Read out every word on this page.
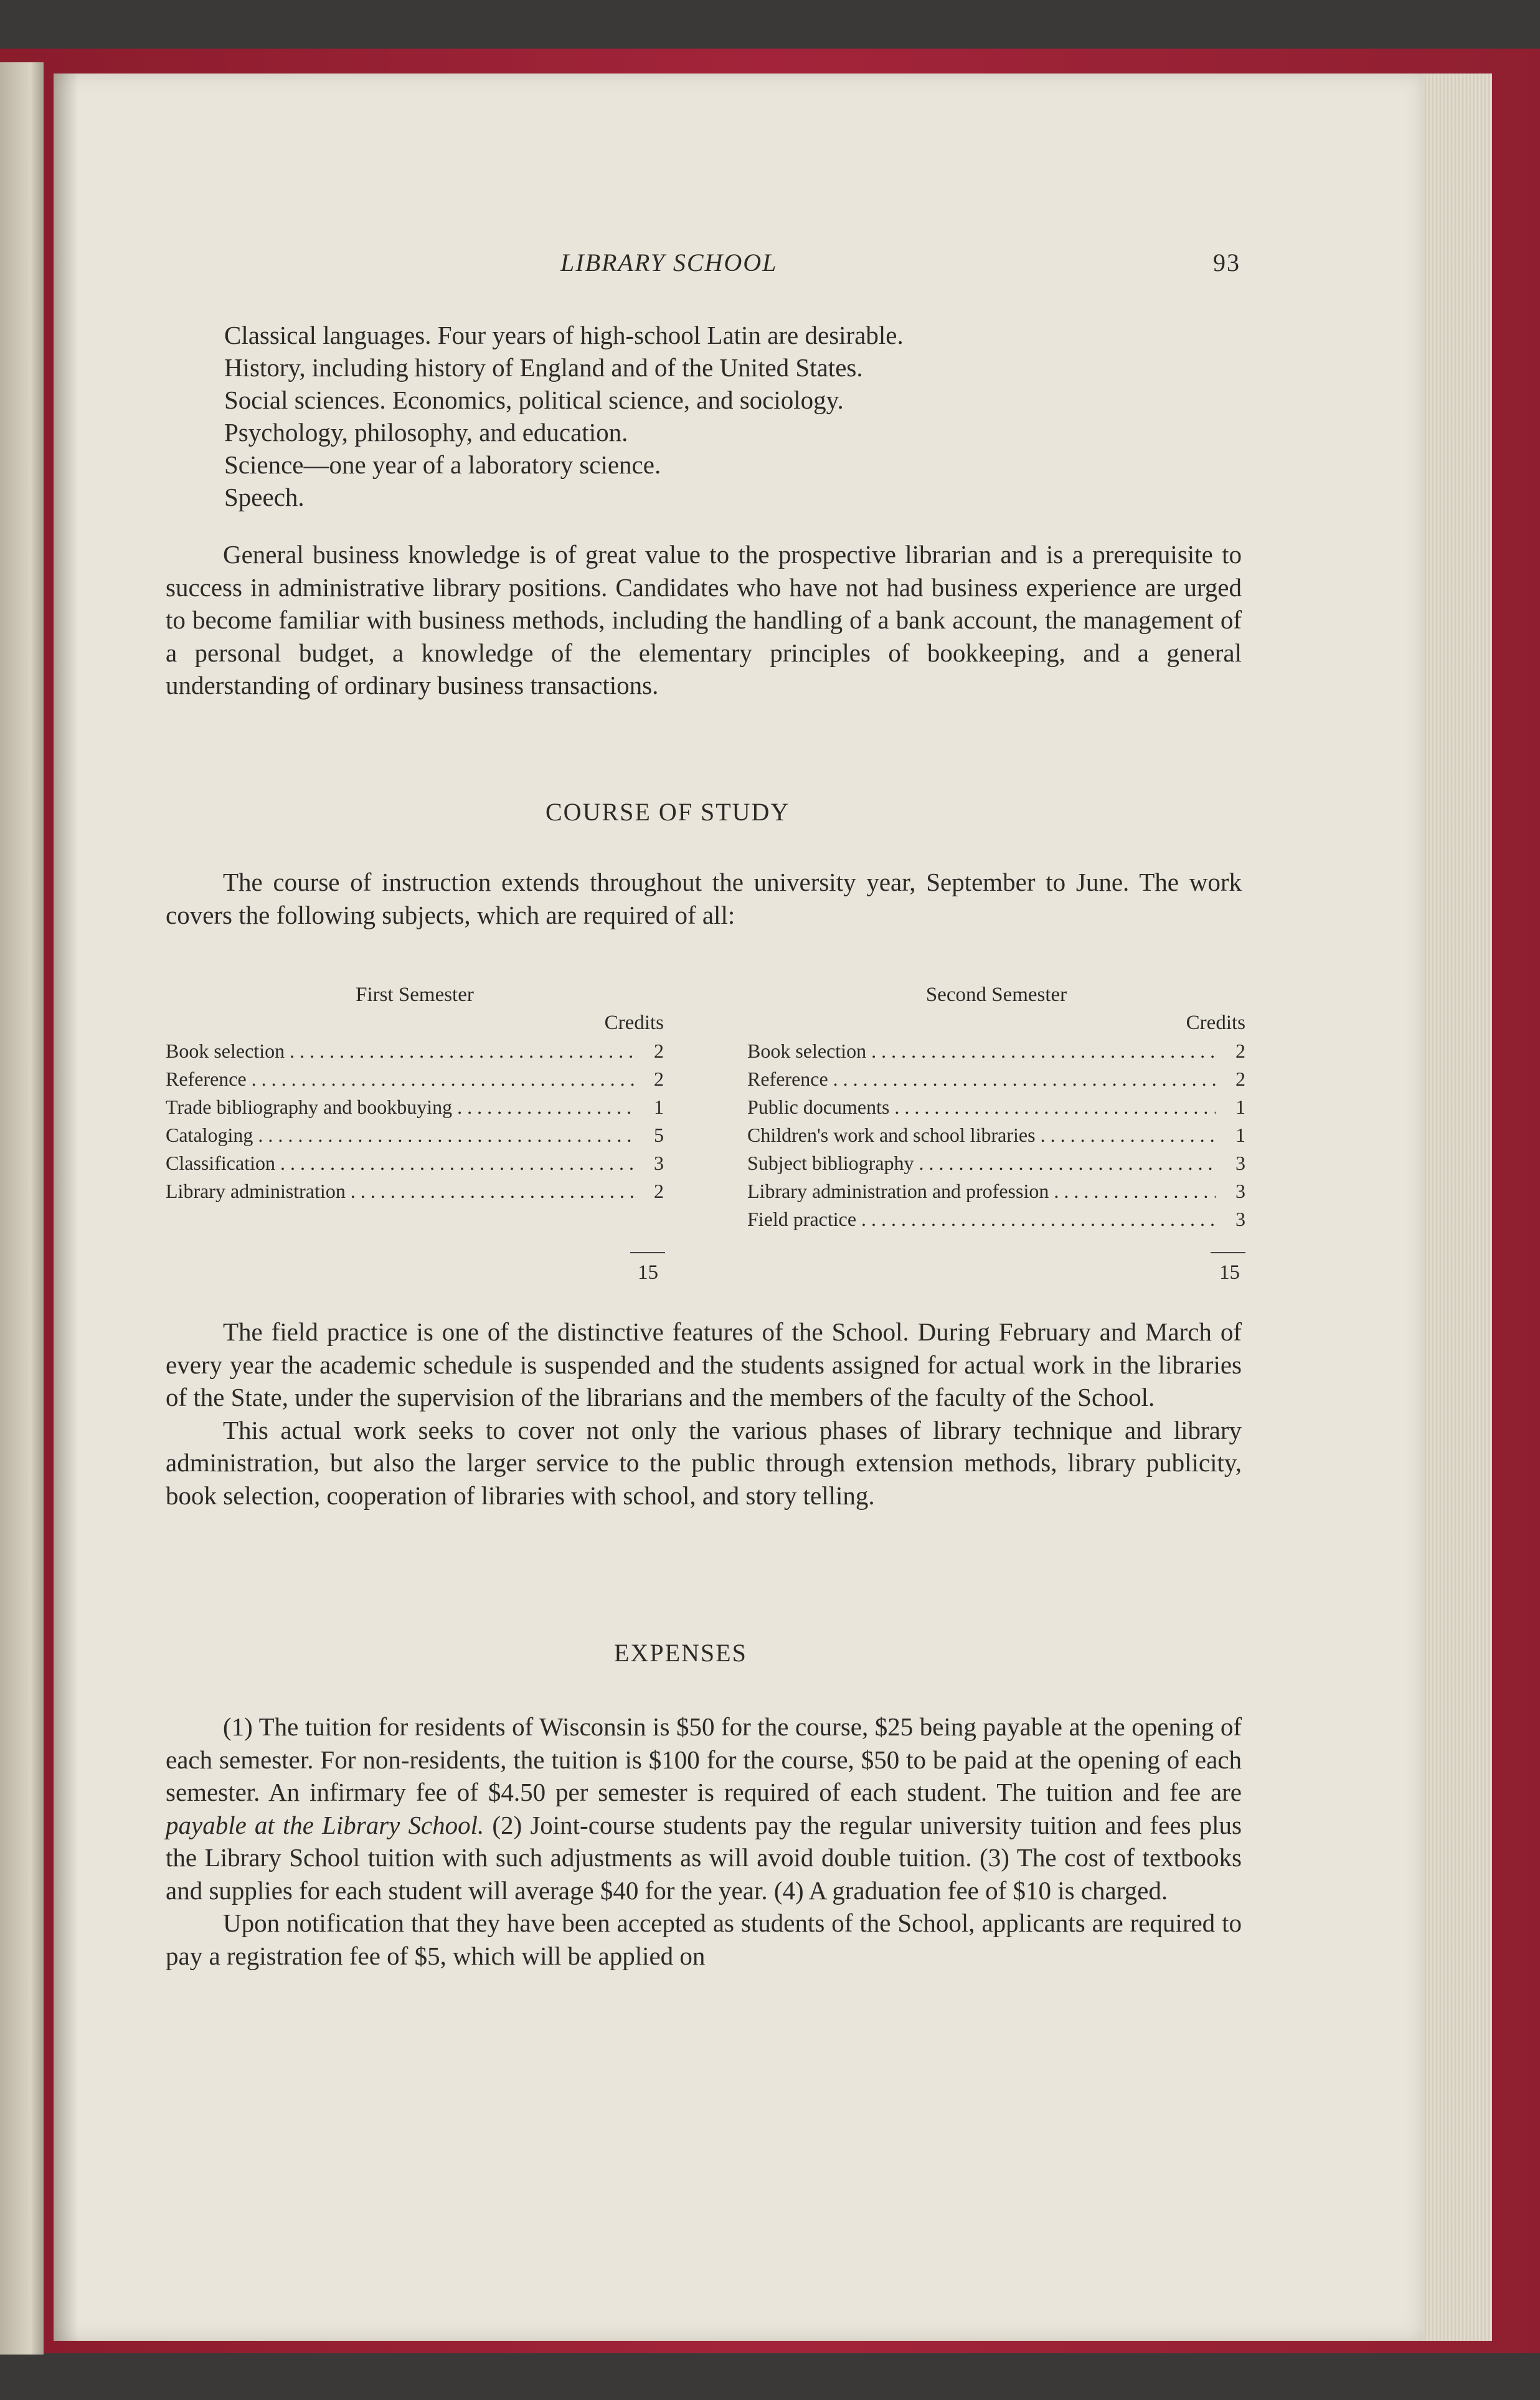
LIBRARY SCHOOL	93
Classical languages. Four years of high-school Latin are desirable.
History, including history of England and of the United States.
Social sciences. Economics, political science, and sociology.
Psychology, philosophy, and education.
Science—one year of a laboratory science.
Speech.

General business knowledge is of great value to the prospective librarian and is a prerequisite to success in administrative library positions. Candidates who have not had business experience are urged to become familiar with business methods, including the handling of a bank account, the management of a personal budget, a knowledge of the elementary principles of bookkeeping, and a general understanding of ordinary business transactions.

COURSE OF STUDY

The course of instruction extends throughout the university year, September to June. The work covers the following subjects, which are required of all:

First Semester
Credits
Book selection . . .	2
Reference . . .	2
Trade bibliography and bookbuying . . .	1
Cataloging . . .	5
Classification . . .	3
Library administration . . .	2
15
Second Semester
Credits
Book selection . . .	2
Reference . . .	2
Public documents . . .	1
Children's work and school libraries . . .	1
Subject bibliography . . .	3
Library administration and profession . . .	3
Field practice . . .	3
15

The field practice is one of the distinctive features of the School. During February and March of every year the academic schedule is suspended and the students assigned for actual work in the libraries of the State, under the supervision of the librarians and the members of the faculty of the School.

This actual work seeks to cover not only the various phases of library technique and library administration, but also the larger service to the public through extension methods, library publicity, book selection, cooperation of libraries with school, and story telling.

EXPENSES

(1) The tuition for residents of Wisconsin is $50 for the course, $25 being payable at the opening of each semester. For non-residents, the tuition is $100 for the course, $50 to be paid at the opening of each semester. An infirmary fee of $4.50 per semester is required of each student. The tuition and fee are payable at the Library School. (2) Joint-course students pay the regular university tuition and fees plus the Library School tuition with such adjustments as will avoid double tuition. (3) The cost of textbooks and supplies for each student will average $40 for the year. (4) A graduation fee of $10 is charged.

Upon notification that they have been accepted as students of the School, applicants are required to pay a registration fee of $5, which will be applied on
